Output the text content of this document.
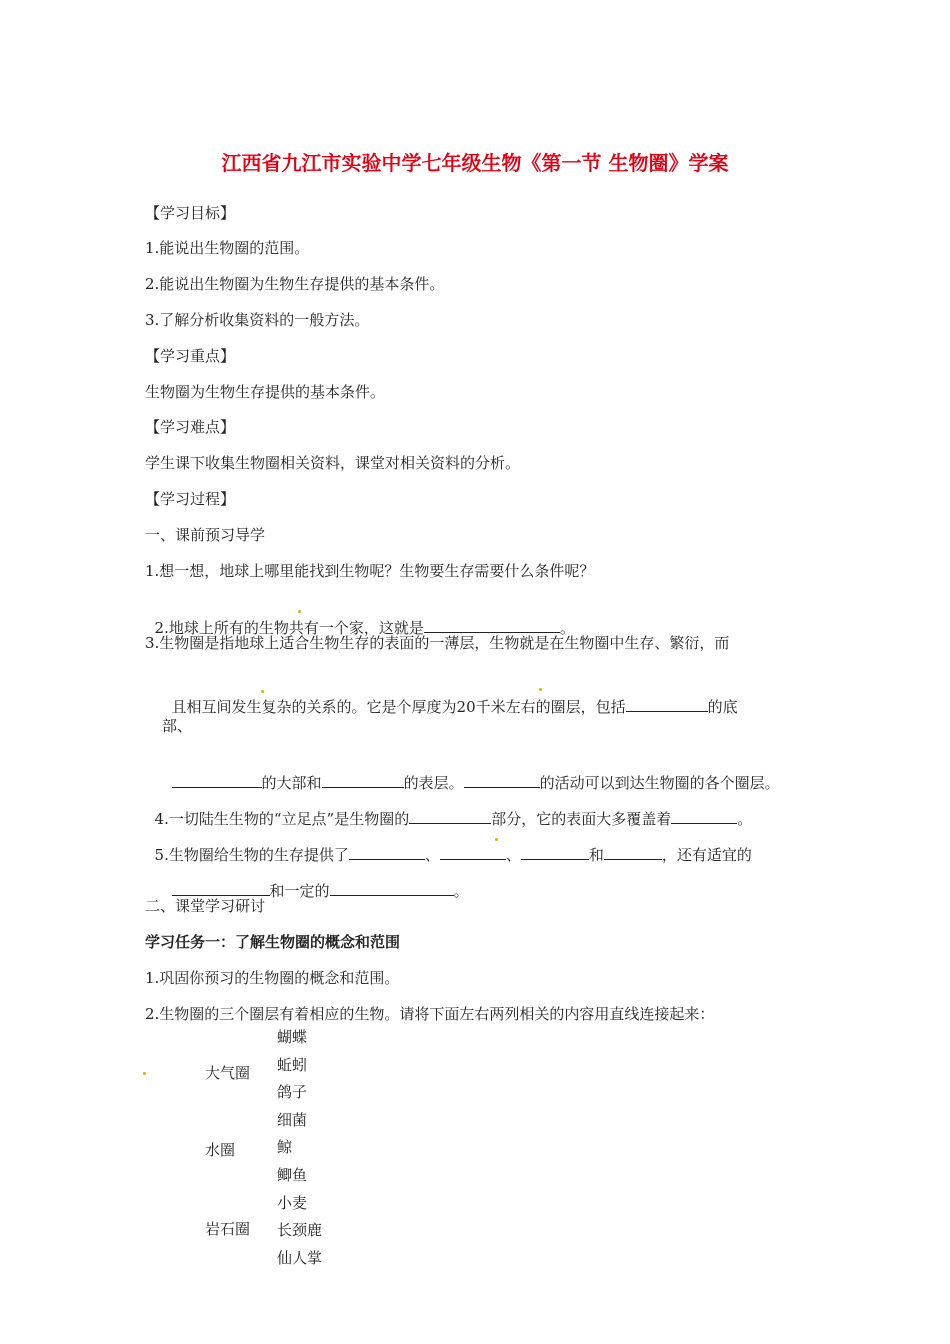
江西省九江市实验中学七年级生物《第一节 生物圈》学案
【学习目标】
1.能说出生物圈的范围。
2.能说出生物圈为生物生存提供的基本条件。
3.了解分析收集资料的一般方法。
【学习重点】
生物圈为生物生存提供的基本条件。
【学习难点】
学生课下收集生物圈相关资料，课堂对相关资料的分析。
【学习过程】
一、课前预习导学
1.想一想，地球上哪里能找到生物呢？生物要生存需要什么条件呢？

2.地球上所有的生物共有一个家，这就是	。

3.生物圈是指地球上适合生物生存的表面的一薄层，生物就是在生物圈中生存、繁衍，而

且相互间发生复杂的关系的。它是个厚度为20千米左右的圈层，包括	的底

部、

的大部和	的表层。	的活动可以到达生物圈的各个圈层。

4.一切陆生生物的“立足点”是生物圈的	部分，它的表面大多覆盖着	。

5.生物圈给生物的生存提供了	、	、	和	，还有适宜的

和一定的	。

二、课堂学习研讨
学习任务一：了解生物圈的概念和范围
1.巩固你预习的生物圈的概念和范围。
2.生物圈的三个圈层有着相应的生物。请将下面左右两列相关的内容用直线连接起来：
大气圈
水圈
岩石圈
蝴蝶
蚯蚓
鸽子
细菌
鲸
鲫鱼
小麦
长颈鹿
仙人掌
